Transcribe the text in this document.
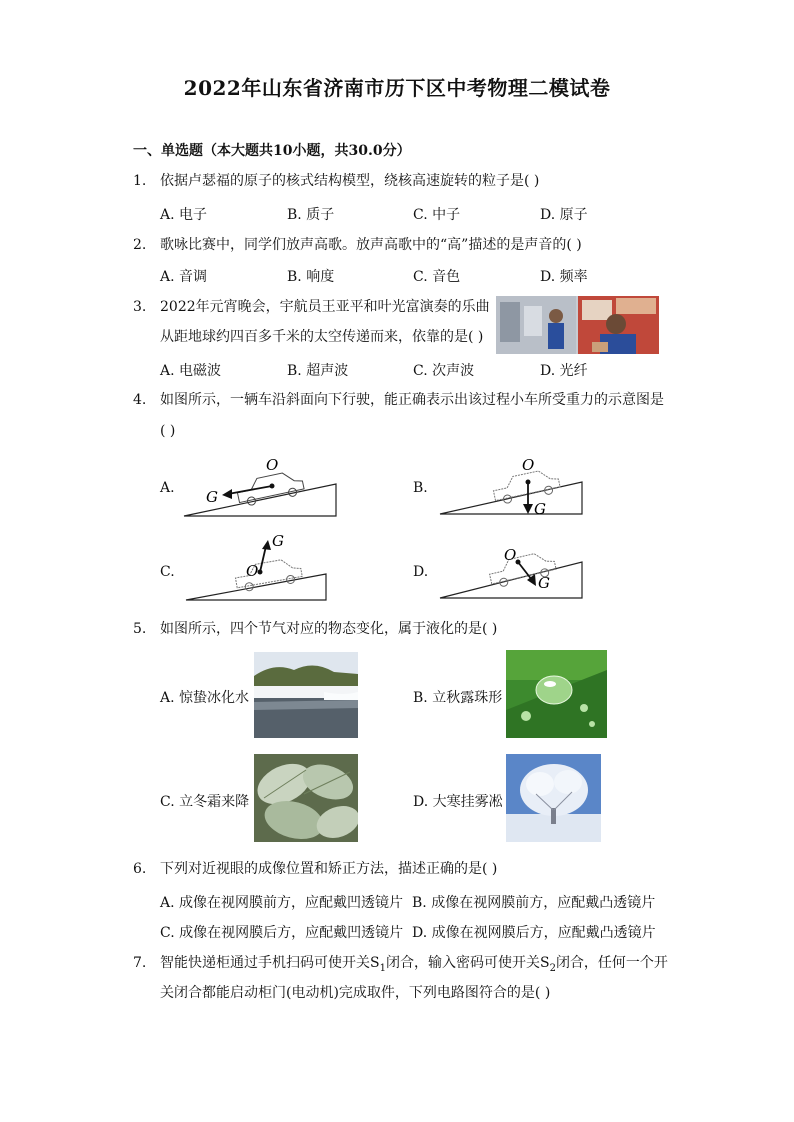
2022年山东省济南市历下区中考物理二模试卷
一、单选题（本大题共10小题，共30.0分）
1. 依据卢瑟福的原子的核式结构模型，绕核高速旋转的粒子是( )
A. 电子	B. 质子	C. 中子	D. 原子
2. 歌咏比赛中，同学们放声高歌。放声高歌中的“高”描述的是声音的( )
A. 音调	B. 响度	C. 音色	D. 频率
3. 2022年元宵晚会，宇航员王亚平和叶光富演奏的乐曲
从距地球约四百多千米的太空传递而来，依靠的是( )
A. 电磁波	B. 超声波	C. 次声波	D. 光纤
4. 如图所示，一辆车沿斜面向下行驶，能正确表示出该过程小车所受重力的示意图是
( )
A.
O
G	B.
O
G
C.
G
O	D.
O
G
5. 如图所示，四个节气对应的物态变化，属于液化的是( )
A. 惊蛰冰化水	B. 立秋露珠形
C. 立冬霜来降	D. 大寒挂雾凇
6. 下列对近视眼的成像位置和矫正方法，描述正确的是( )
A. 成像在视网膜前方，应配戴凹透镜片 B. 成像在视网膜前方，应配戴凸透镜片
C. 成像在视网膜后方，应配戴凹透镜片 D. 成像在视网膜后方，应配戴凸透镜片
7. 智能快递柜通过手机扫码可使开关$S_1$闭合，输入密码可使开关$S_2$闭合，任何一个开
关闭合都能启动柜门(电动机)完成取件，下列电路图符合的是( )
